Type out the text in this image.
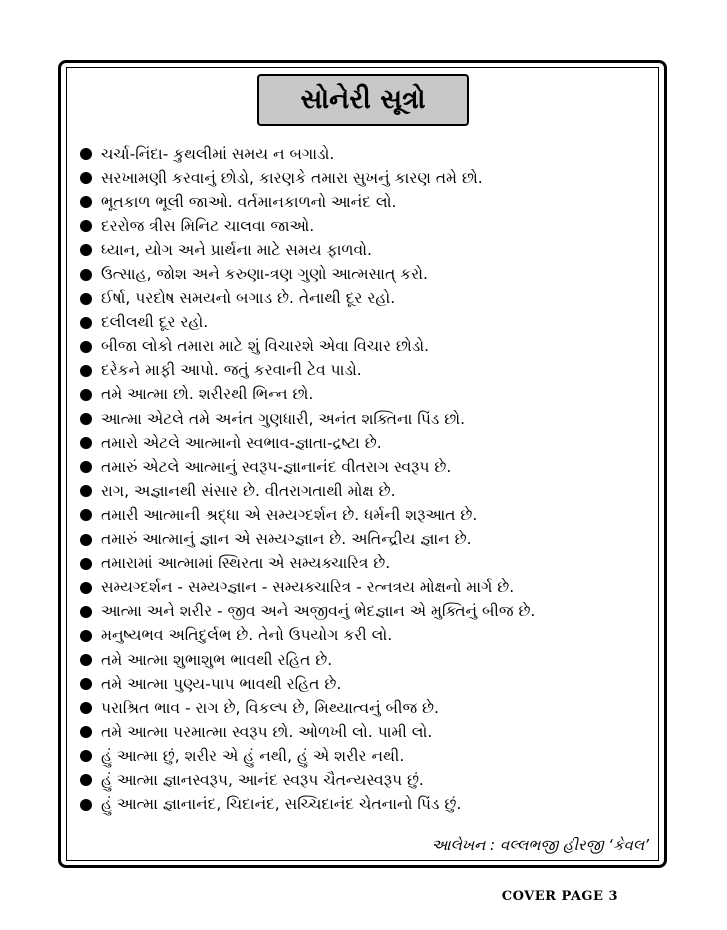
સોનેરી સૂત્રો
ચર્ચા-નિંદા- કુથલીમાં સમય ન બગાડો.
સરખામણી કરવાનું છોડો, કારણકે તમારા સુખનું કારણ તમે છો.
ભૂતકાળ ભૂલી જાઓ. વર્તમાનકાળનો આનંદ લો.
દરરોજ ત્રીસ મિનિટ ચાલવા જાઓ.
ધ્યાન, યોગ અને પ્રાર્થના માટે સમય ફાળવો.
ઉત્સાહ, જોશ અને કરુણા-ત્રણ ગુણો આત્મસાત્ કરો.
ઈર્ષા, પરદોષ સમયનો બગાડ છે. તેનાથી દૂર રહો.
દલીલથી દૂર રહો.
બીજા લોકો તમારા માટે શું વિચારશે એવા વિચાર છોડો.
દરેકને માફી આપો. જતું કરવાની ટેવ પાડો.
તમે આત્મા છો. શરીરથી ભિન્ન છો.
આત્મા એટલે તમે અનંત ગુણધારી, અનંત શક્તિના પિંડ છો.
તમારો એટલે આત્માનો સ્વભાવ-જ્ઞાતા-દ્રષ્ટા છે.
તમારું એટલે આત્માનું સ્વરૂપ-જ્ઞાનાનંદ વીતરાગ સ્વરૂપ છે.
રાગ, અજ્ઞાનથી સંસાર છે. વીતરાગતાથી મોક્ષ છે.
તમારી આત્માની શ્રદ્ધા એ સમ્યગ્દર્શન છે. ધર્મની શરૂઆત છે.
તમારું આત્માનું જ્ઞાન એ સમ્યગ્જ્ઞાન છે. અતિન્દ્રીય જ્ઞાન છે.
તમારામાં આત્મામાં સ્થિરતા એ સમ્યક્ચારિત્ર છે.
સમ્યગ્દર્શન - સમ્યગ્જ્ઞાન - સમ્યક્ચારિત્ર - રત્નત્રય મોક્ષનો માર્ગ છે.
આત્મા અને શરીર - જીવ અને અજીવનું ભેદજ્ઞાન એ મુક્તિનું બીજ છે.
મનુષ્યભવ અતિદુર્લભ છે. તેનો ઉપયોગ કરી લો.
તમે આત્મા શુભાશુભ ભાવથી રહિત છે.
તમે આત્મા પુણ્ય-પાપ ભાવથી રહિત છે.
પરાશ્રિત ભાવ - રાગ છે, વિકલ્પ છે, મિથ્યાત્વનું બીજ છે.
તમે આત્મા પરમાત્મા સ્વરૂપ છો. ઓળખી લો. પામી લો.
હું આત્મા છું, શરીર એ હું નથી, હું એ શરીર નથી.
હું આત્મા જ્ઞાનસ્વરૂપ, આનંદ સ્વરૂપ ચૈતન્યસ્વરૂપ છું.
હું આત્મા જ્ઞાનાનંદ, ચિદાનંદ, સચ્ચિદાનંદ ચેતનાનો પિંડ છું.
આલેખન : વલ્લભજી હીરજી ‘કેવલ’
COVER PAGE 3
